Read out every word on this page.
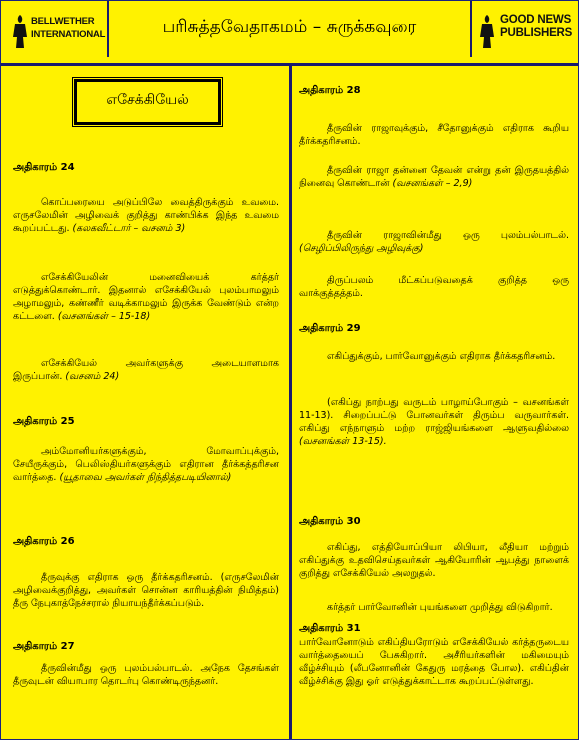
BELLWETHER
INTERNATIONAL	பரிசுத்தவேதாகமம் – சுருக்கவுரை	GOOD NEWS
PUBLISHERS
எசேக்கியேல்
அதிகாரம் 24
கொப்பரையை அடுப்பிலே வைத்திருக்கும் உவமை. எருசலேமின் அழிவைக் குறித்து காண்பிக்க இந்த உவமை கூறப்பட்டது. (கலகவீட்டார் – வசனம் 3)
எசேக்கியேலின் மனைவியைக் கர்த்தர் எடுத்துக்கொண்டார். இதனால் எசேக்கியேல் புலம்பாமலும் அழாமலும், கண்ணீர் வடிக்காமலும் இருக்க வேண்டும் என்ற கட்டளை. (வசனங்கள் – 15-18)
எசேக்கியேல் அவர்களுக்கு அடையாளமாக இருப்பான். (வசனம் 24)
அதிகாரம் 25
அம்மோனியர்களுக்கும், மோவாப்புக்கும், சேயீருக்கும், பெலிஸ்தியர்களுக்கும் எதிரான தீர்க்கத்தரிசன வார்த்தை. (யூதாவை அவர்கள் நிந்தித்தபடியினால்)
அதிகாரம் 26
தீருவுக்கு எதிராக ஒரு தீர்க்கதரிசனம். (எருசலேமின் அழிவைக்குறித்து, அவர்கள் சொன்ன காரியத்தின் நிமித்தம்) தீரு நேபுகாத்நேச்சரால் நியாயந்தீர்க்கப்படும்.
அதிகாரம் 27
தீருவின்மீது ஒரு புலம்பல்பாடல். அநேக தேசங்கள் தீருவுடன் வியாபார தொடர்பு கொண்டிருந்தனர்.
அதிகாரம் 28
தீருவின் ராஜாவுக்கும், சீதோனுக்கும் எதிராக கூறிய தீர்க்கதரிசனம்.
தீருவின் ராஜா தன்னை தேவன் என்று தன் இருதயத்தில் நினைவு கொண்டான் (வசனங்கள் – 2,9)
தீருவின் ராஜாவின்மீது ஒரு புலம்பல்பாடல். (செழிப்பிலிருந்து அழிவுக்கு)
திருப்பலம் மீட்கப்படுவதைக் குறித்த ஒரு வாக்குத்தத்தம்.
அதிகாரம் 29
எகிப்துக்கும், பார்வோனுக்கும் எதிராக தீர்க்கதரிசனம்.
(எகிப்து நாற்பது வருடம் பாழாய்போகும் – வசனங்கள் 11-13). சிறைப்பட்டு போனவர்கள் திரும்ப வருவார்கள். எகிப்து எந்நாளும் மற்ற ராஜ்ஜியங்களை ஆளுவதில்லை (வசனங்கள் 13-15).
அதிகாரம் 30
எகிப்து, எத்தியோப்பியா லிபியா, லீதியா மற்றும் எகிப்துக்கு உதவிசெய்தவர்கள் ஆகியோரின் ஆபத்து நாளைக் குறித்து எசேக்கியேல் அலறுதல்.
கர்த்தர் பார்வோனின் புயங்களை முறித்து விடுகிறார்.
அதிகாரம் 31
பார்வோனோடும் எகிப்தியரோடும் எசேக்கியேல் கர்த்தருடைய வார்த்தையைப் பேசுகிறார். அசீரியர்களின் மகிமையும் வீழ்ச்சியும் (லீபனோனின் கேதுரு மரத்தை போல). எகிப்தின் வீழ்ச்சிக்கு இது ஓர் எடுத்துக்காட்டாக கூறப்பட்டுள்ளது.
